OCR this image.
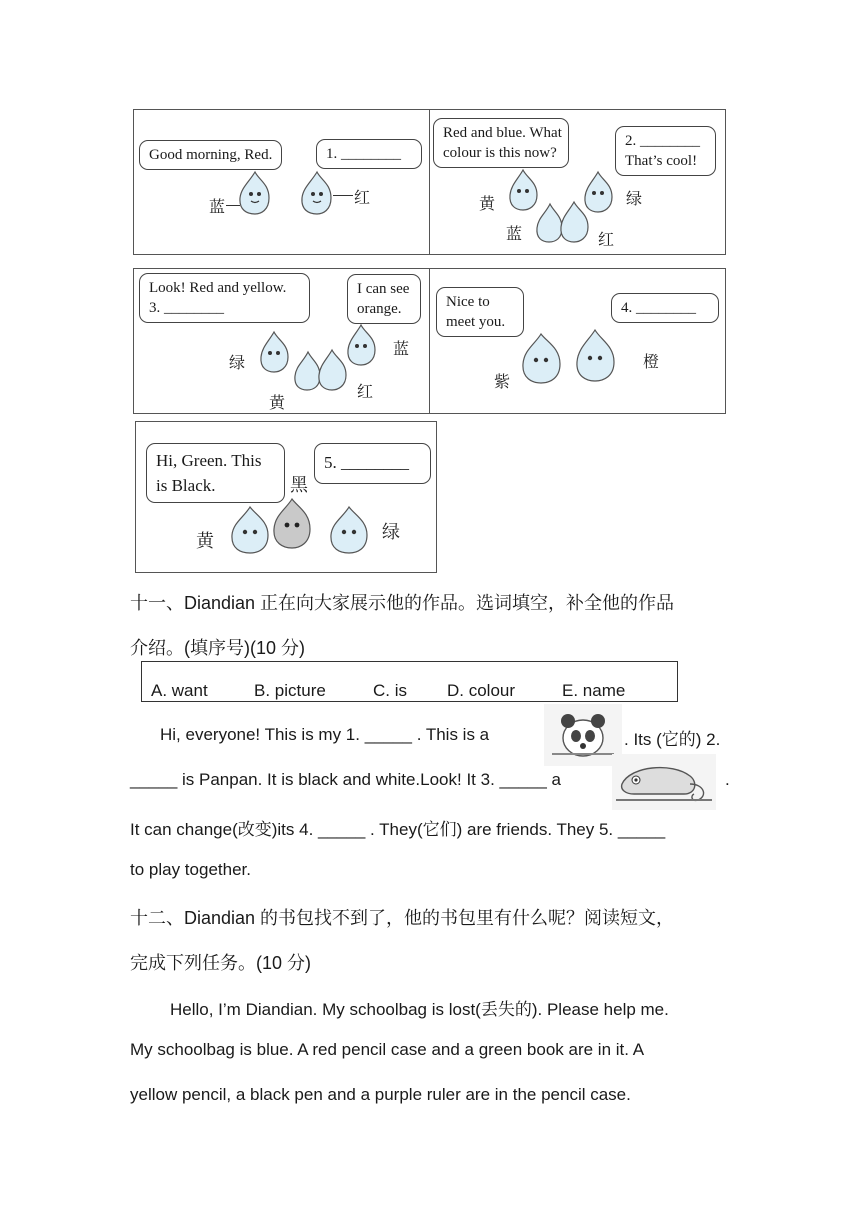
Good morning, Red.	1. ________
蓝	红
Red and blue. What
colour is this now?
2. ________
That’s cool!
黄	绿
蓝	红
Look! Red and yellow.
3. ________
I can see
orange.
绿
蓝
黄
红
Nice to
meet you.
4. ________
紫
橙
Hi, Green. This
is Black.
5. ________
黑
黄	绿
十一、Diandian 正在向大家展示他的作品。选词填空，补全他的作品
介绍。(填序号)(10 分)
A. want	B. picture	C. is D. colour	E. name
Hi, everyone! This is my 1. _____ . This is a	. Its (它的) 2.
_____ is Panpan. It is black and white.Look! It 3. _____ a	.
It can change(改变)its 4. _____ . They(它们) are friends. They 5. _____
to play together.
十二、Diandian 的书包找不到了，他的书包里有什么呢？阅读短文，
完成下列任务。(10 分)
Hello, I’m Diandian. My schoolbag is lost(丢失的). Please help me.
My schoolbag is blue. A red pencil case and a green book are in it. A
yellow pencil, a black pen and a purple ruler are in the pencil case.
